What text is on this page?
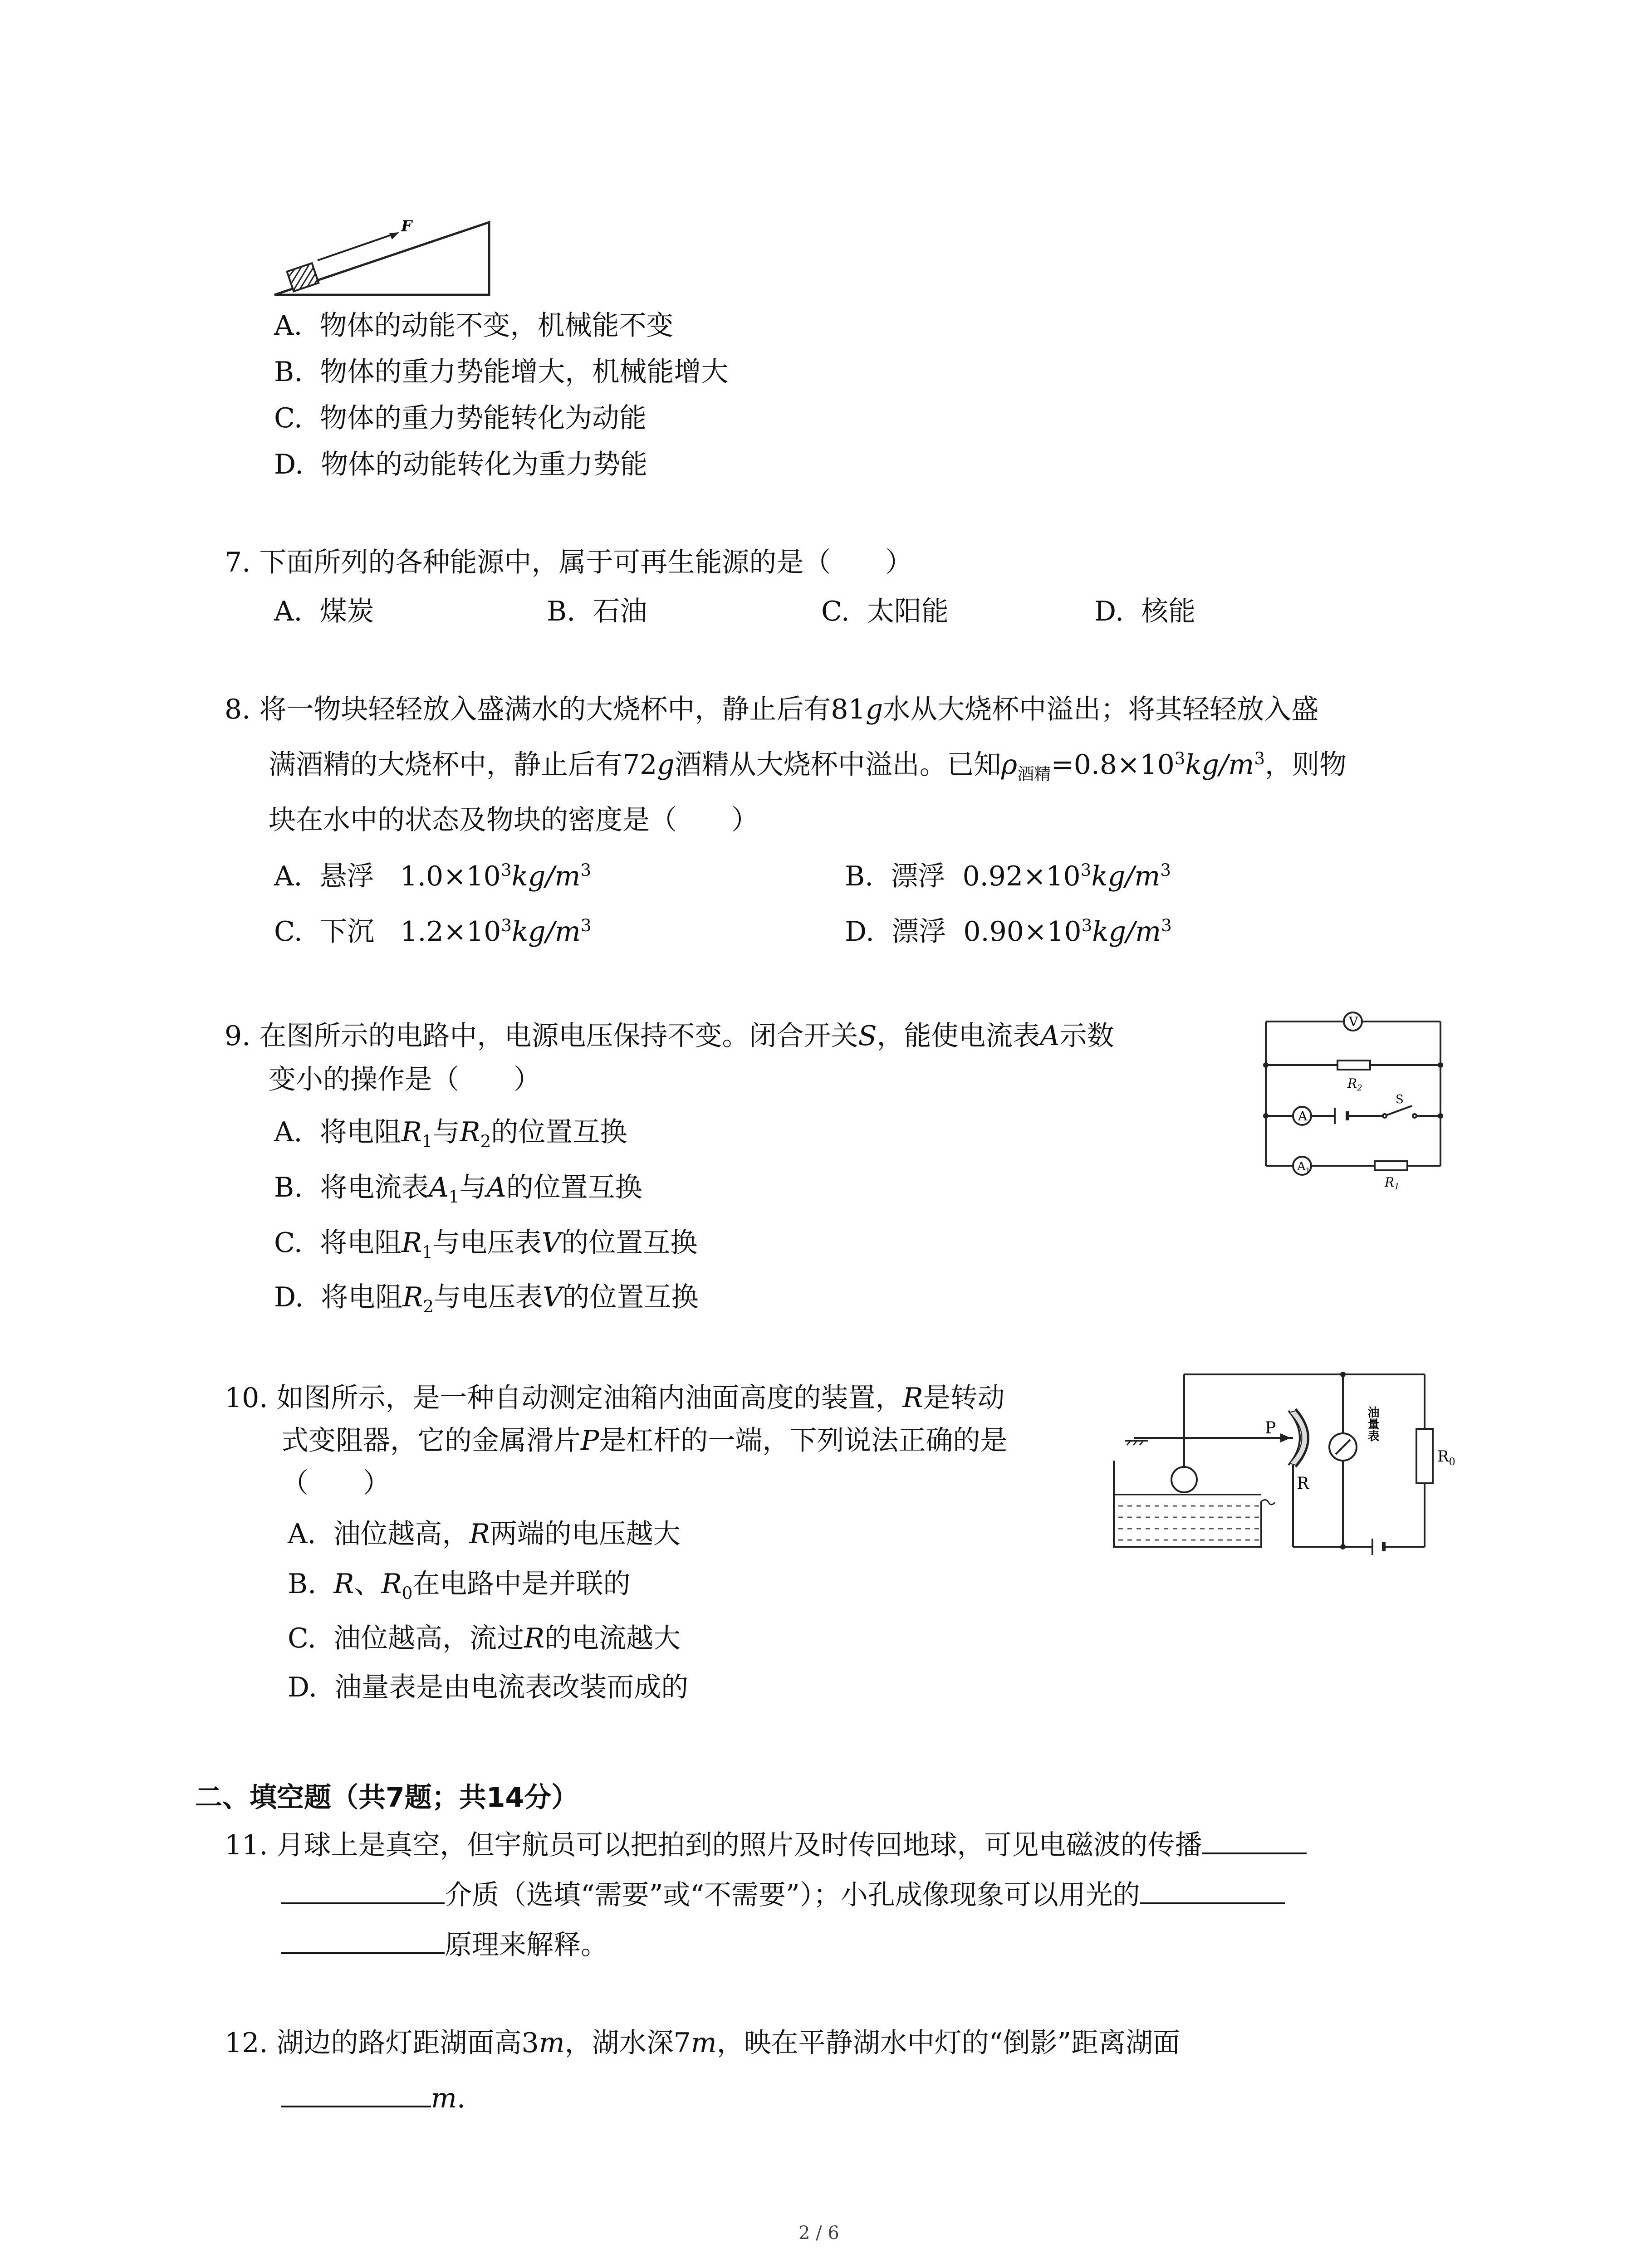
F
A. 物体的动能不变，机械能不变
B. 物体的重力势能增大，机械能增大
C. 物体的重力势能转化为动能
D. 物体的动能转化为重力势能
7. 下面所列的各种能源中，属于可再生能源的是（　　）
A. 煤炭	B. 石油	C. 太阳能	D. 核能
8. 将一物块轻轻放入盛满水的大烧杯中，静止后有81g水从大烧杯中溢出；将其轻轻放入盛
满酒精的大烧杯中，静止后有72g酒精从大烧杯中溢出。已知$\rho_{酒精}=0.8\times 10^3kg/m^3$，则物
块在水中的状态及物块的密度是（　　）
A. 悬浮 $1.0\times 10^3kg/m^3$	B. 漂浮 $0.92\times 10^3kg/m^3$
C. 下沉 $1.2\times 10^3kg/m^3$	D. 漂浮 $0.90\times 10^3kg/m^3$
9. 在图所示的电路中，电源电压保持不变。闭合开关S，能使电流表A示数
变小的操作是（　　）
A. 将电阻$R_1$与$R_2$的位置互换
B. 将电流表$A_1$与A的位置互换
C. 将电阻$R_1$与电压表V的位置互换
D. 将电阻$R_2$与电压表V的位置互换
V
$R_2$
A
S
$A_1$
$R_1$
10. 如图所示，是一种自动测定油箱内油面高度的装置，R是转动
式变阻器，它的金属滑片P是杠杆的一端，下列说法正确的是
（　　）
A. 油位越高，R两端的电压越大
B. R、$R_0$在电路中是并联的
C. 油位越高，流过R的电流越大
D. 油量表是由电流表改装而成的
P
R
油量表
$R_0$
二、填空题（共7题；共14分）
11. 月球上是真空，但宇航员可以把拍到的照片及时传回地球，可见电磁波的传播
介质（选填“需要”或“不需要”）；小孔成像现象可以用光的
原理来解释。
12. 湖边的路灯距湖面高3m，湖水深7m，映在平静湖水中灯的“倒影”距离湖面
m.
2 / 6
